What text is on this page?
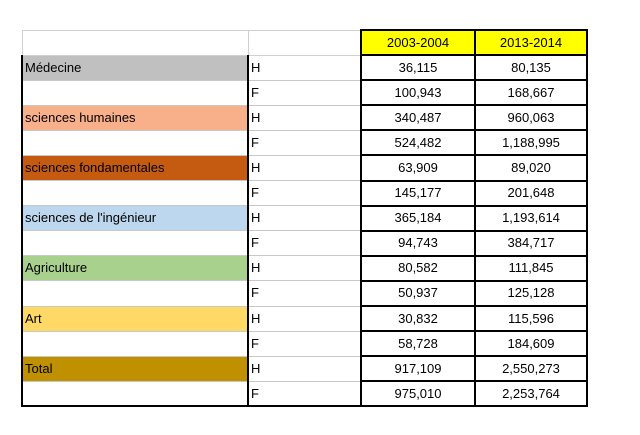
		2003-2004	2013-2014
Médecine	H	36,115	80,135
	F	100,943	168,667
sciences humaines	H	340,487	960,063
	F	524,482	1,188,995
sciences fondamentales	H	63,909	89,020
	F	145,177	201,648
sciences de l'ingénieur	H	365,184	1,193,614
	F	94,743	384,717
Agriculture	H	80,582	111,845
	F	50,937	125,128
Art	H	30,832	115,596
	F	58,728	184,609
Total	H	917,109	2,550,273
	F	975,010	2,253,764
